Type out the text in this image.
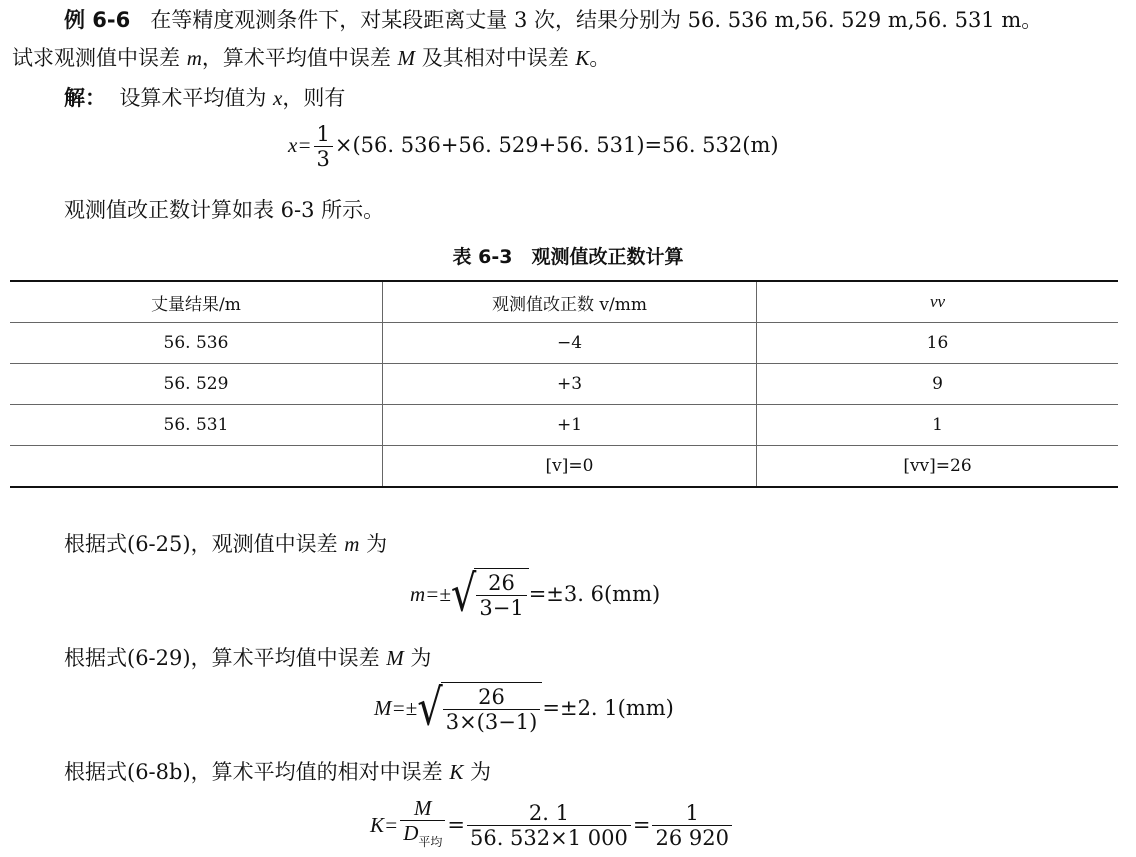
例 6-6 在等精度观测条件下，对某段距离丈量 3 次，结果分别为 56. 536 m,56. 529 m,56. 531 m。
试求观测值中误差 m，算术平均值中误差 M 及其相对中误差 K。
解： 设算术平均值为 x，则有
$x= \frac{1}{3} \times(56$. 536+56. 529+56. 531)=56. 532(m)
观测值改正数计算如表 6-3 所示。
表 6-3　观测值改正数计算
丈量结果/m	观测值改正数 v/mm	vv
56. 536	−4	16
56. 529	+3	9
56. 531	+1	1
	[v]=0	[vv]=26
根据式(6-25)，观测值中误差 m 为
$m=\pm√ \frac{26}{3-1} =\pm 3$. 6(mm)
根据式(6-29)，算术平均值中误差 M 为
$M=\pm√ \frac{26}{3\times(3-1)} =\pm 2$. 1(mm)
根据式(6-8b)，算术平均值的相对中误差 K 为
$K= \frac{M}{D_{平均}} = \frac{2. 1}{56. 532\times 1 000} = \frac{1}{26 920}$
